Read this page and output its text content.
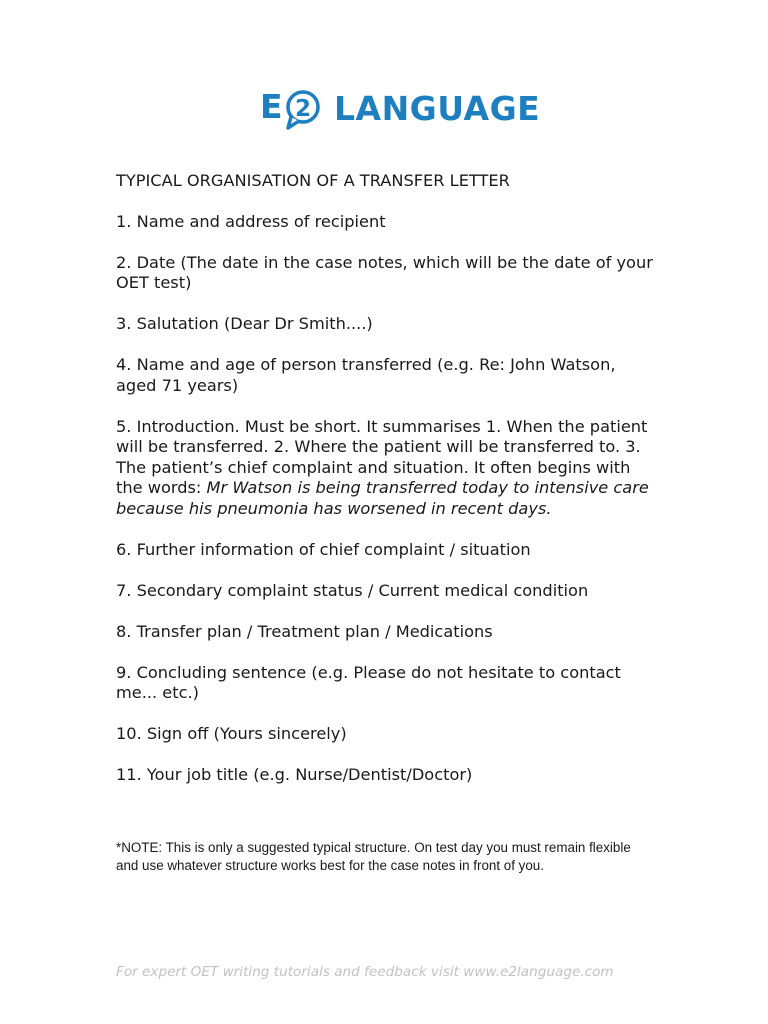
E 2 LANGUAGE
TYPICAL ORGANISATION OF A TRANSFER LETTER
1. Name and address of recipient
2. Date (The date in the case notes, which will be the date of your OET test)
3. Salutation (Dear Dr Smith....)
4. Name and age of person transferred (e.g. Re: John Watson, aged 71 years)
5. Introduction. Must be short. It summarises 1. When the patient will be transferred. 2. Where the patient will be transferred to. 3. The patient’s chief complaint and situation. It often begins with the words: Mr Watson is being transferred today to intensive care because his pneumonia has worsened in recent days.
6. Further information of chief complaint / situation
7. Secondary complaint status / Current medical condition
8. Transfer plan / Treatment plan / Medications
9. Concluding sentence (e.g. Please do not hesitate to contact me... etc.)
10. Sign off (Yours sincerely)
11. Your job title (e.g. Nurse/Dentist/Doctor)
*NOTE: This is only a suggested typical structure. On test day you must remain flexible and use whatever structure works best for the case notes in front of you.
For expert OET writing tutorials and feedback visit www.e2language.com
